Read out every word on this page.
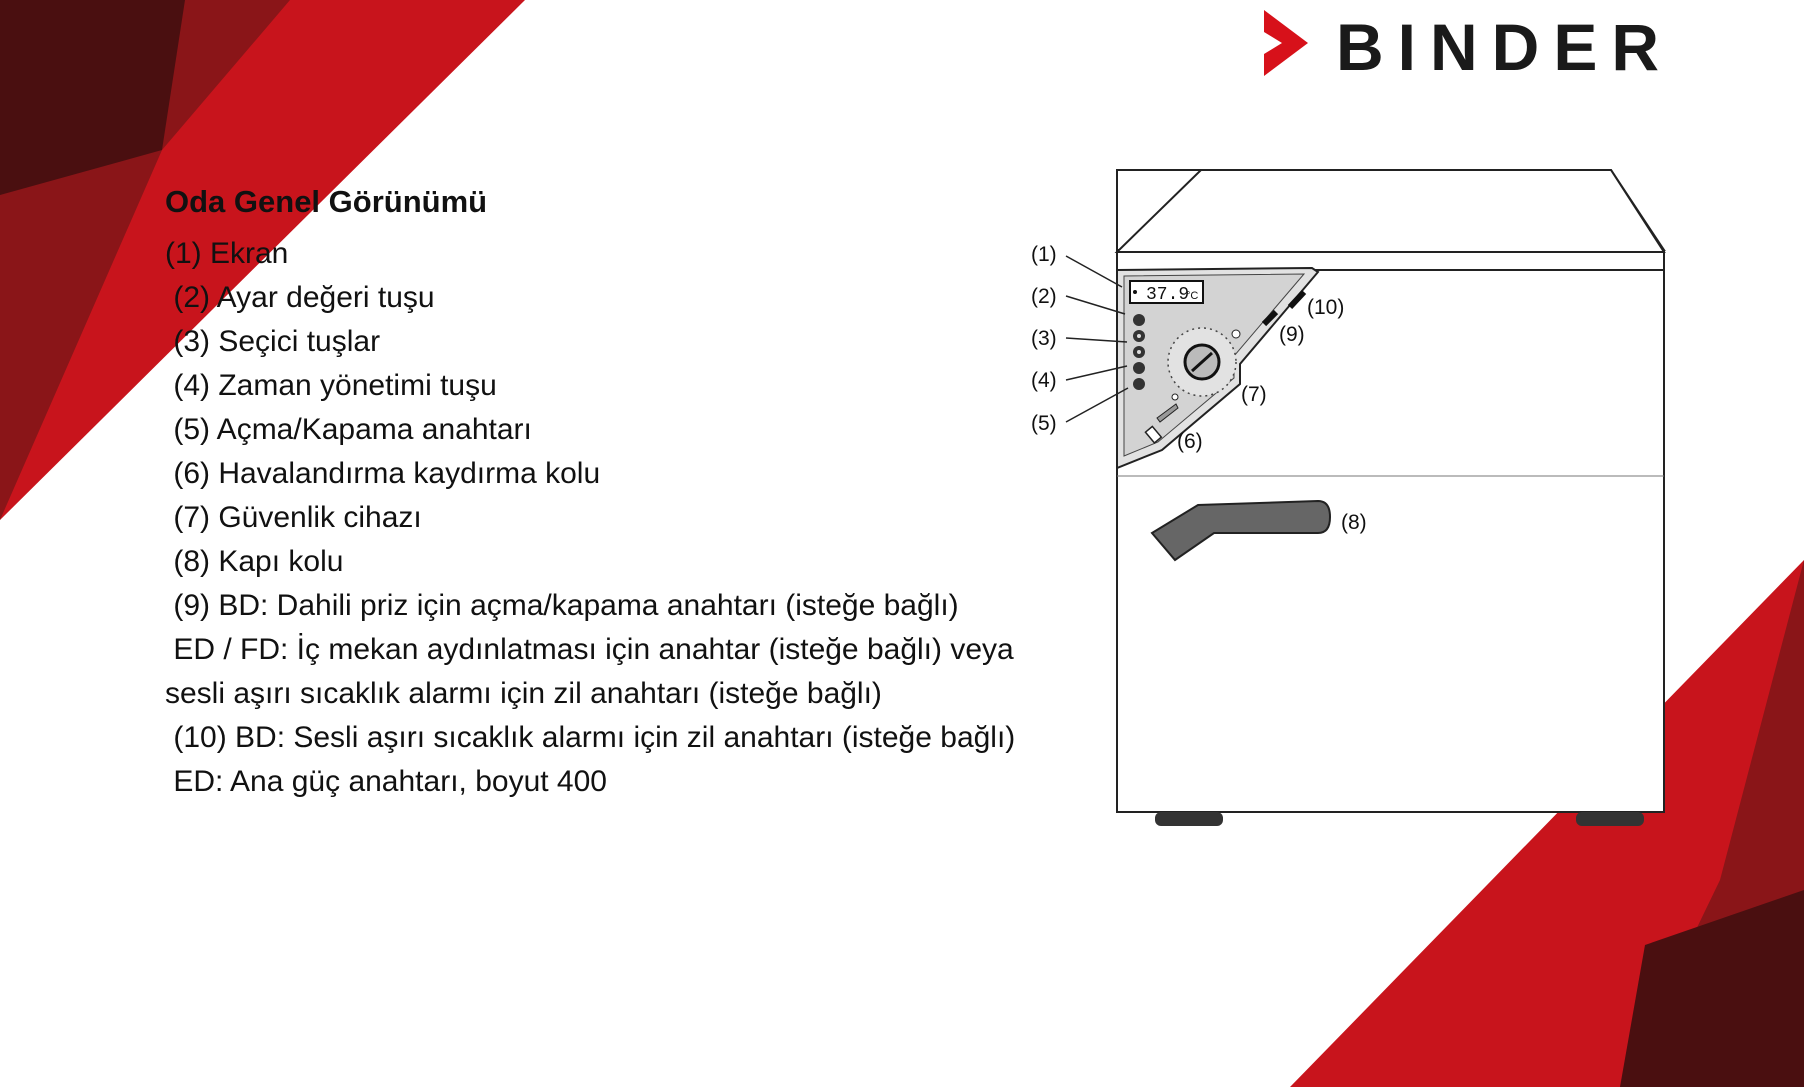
BINDER
Oda Genel Görünümü
(1) Ekran
(2) Ayar değeri tuşu
(3) Seçici tuşlar
(4) Zaman yönetimi tuşu
(5) Açma/Kapama anahtarı
(6) Havalandırma kaydırma kolu
(7) Güvenlik cihazı
(8) Kapı kolu
(9) BD: Dahili priz için açma/kapama anahtarı (isteğe bağlı)
ED / FD: İç mekan aydınlatması için anahtar (isteğe bağlı) veya
sesli aşırı sıcaklık alarmı için zil anahtarı (isteğe bağlı)
(10) BD: Sesli aşırı sıcaklık alarmı için zil anahtarı (isteğe bağlı)
ED: Ana güç anahtarı, boyut 400
37.9
°C
(1)
(2)
(3)
(4)
(5)
(6)
(7)
(8)
(9)
(10)
